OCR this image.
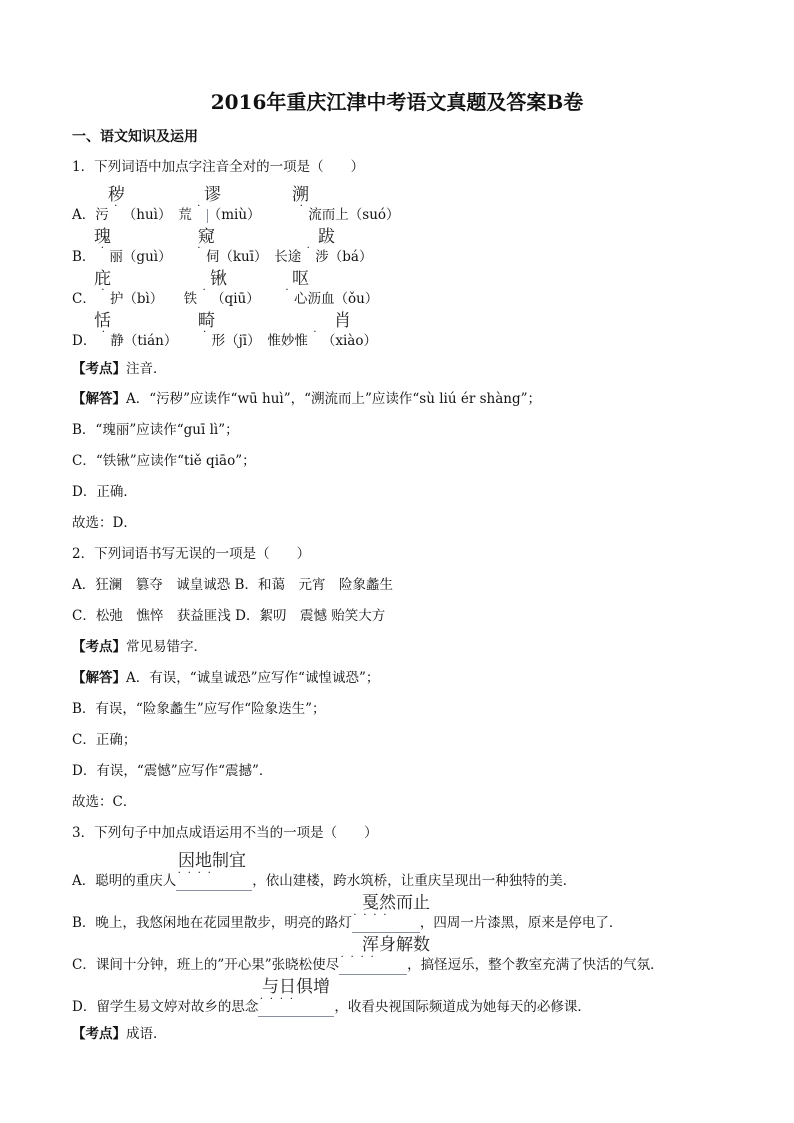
2016年重庆江津中考语文真题及答案B卷
一、语文知识及运用
1．下列词语中加点字注音全对的一项是（　　）
秽	谬	溯
A．污 ˙ （huì）　 荒 ˙ （miù）　　　	˙ 流而上（suó）
瑰	窥	跋
B． ˙ 丽（guì）　　	˙ 伺（kuī）　 长途 ˙ 涉（bá）
庇	锹	呕
C． ˙ 护（bì）　　 铁 ˙ （qiū）　　	˙ 心沥血（ǒu）
恬	畸	肖
D． ˙ 静（tián）　　	˙ 形（jī）　 惟妙惟 ˙ （xiào）
【考点】注音．
【解答】A．“污秽”应读作“wū huì”，“溯流而上”应读作“sù liú ér shàng”；
B．“瑰丽”应读作“guī lì”；
C．“铁锹”应读作“tiě qiāo”；
D．正确．
故选：D．
2．下列词语书写无误的一项是（　　）
A．狂澜　篡夺　诚皇诚恐 B．和蔼　元宵　险象蠡生
C．松弛　憔悴　获益匪浅 D．絮叨　震憾 贻笑大方
【考点】常见易错字．
【解答】A．有误，“诚皇诚恐”应写作“诚惶诚恐”；
B．有误，“险象蠡生”应写作“险象迭生”；
C．正确；
D．有误，“震憾”应写作“震撼”．
故选：C．
3．下列句子中加点成语运用不当的一项是（　　）
因地制宜
A．聪明的重庆人˙˙˙˙	，依山建楼，跨水筑桥，让重庆呈现出一种独特的美．
戛然而止
B．晚上，我悠闲地在花园里散步，明亮的路灯˙˙˙˙ ，四周一片漆黑，原来是停电了．
浑身解数
C．课间十分钟，班上的”开心果”张晓松使尽˙˙˙˙ ，搞怪逗乐，整个教室充满了快活的气氛．
与日俱增
D．留学生易文婷对故乡的思念˙˙˙˙	，收看央视国际频道成为她每天的必修课．
【考点】成语．
